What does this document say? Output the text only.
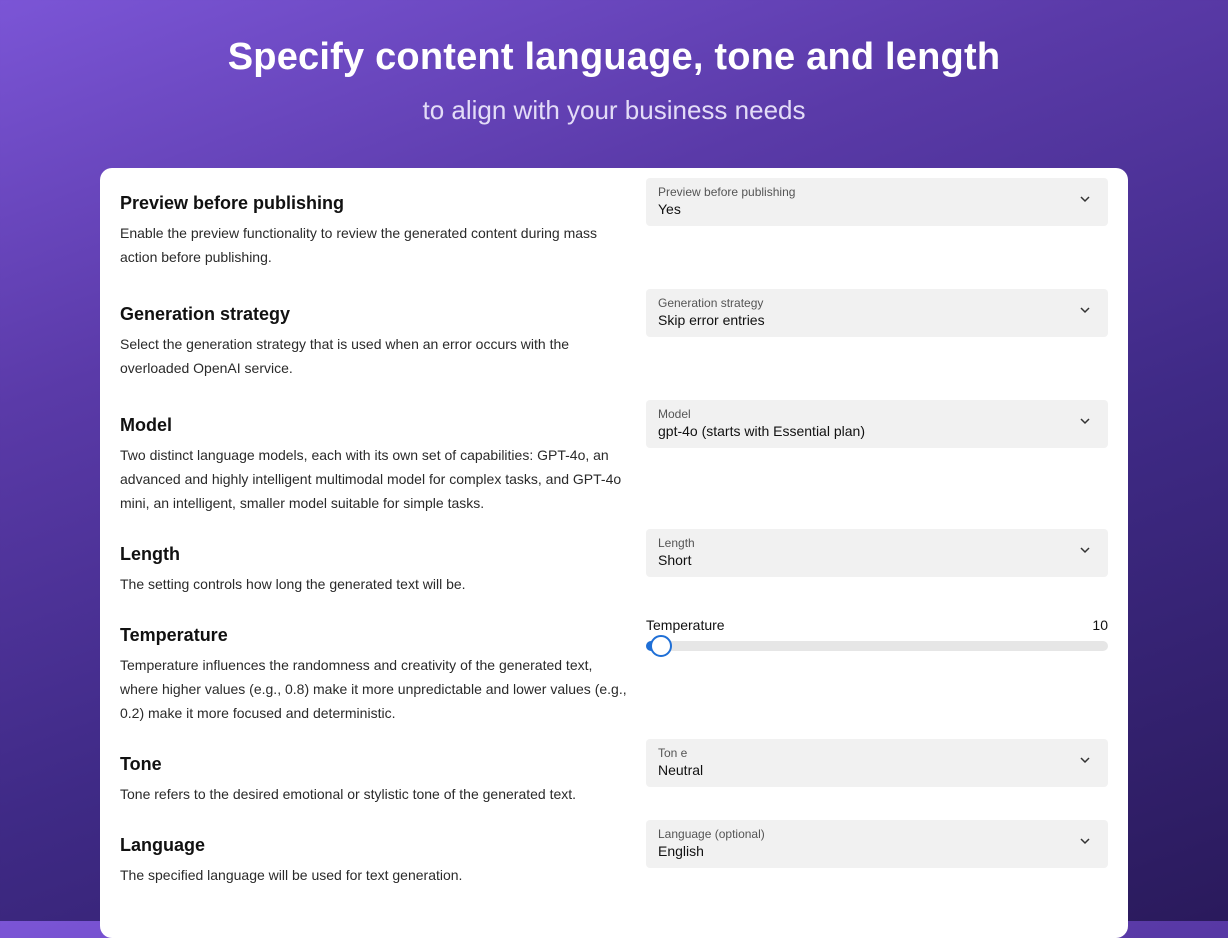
Specify content language, tone and length
to align with your business needs
Preview before publishing
Enable the preview functionality to review the generated content during mass action before publishing.
Preview before publishing
Yes
Generation strategy
Select the generation strategy that is used when an error occurs with the overloaded OpenAI service.
Generation strategy
Skip error entries
Model
Two distinct language models, each with its own set of capabilities: GPT-4o, an advanced and highly intelligent multimodal model for complex tasks, and GPT-4o mini, an intelligent, smaller model suitable for simple tasks.
Model
gpt-4o (starts with Essential plan)
Length
The setting controls how long the generated text will be.
Length
Short
Temperature
Temperature influences the randomness and creativity of the generated text, where higher values (e.g., 0.8) make it more unpredictable and lower values (e.g., 0.2) make it more focused and deterministic.
Temperature	10
Tone
Tone refers to the desired emotional or stylistic tone of the generated text.
Ton e
Neutral
Language
The specified language will be used for text generation.
Language (optional)
English
